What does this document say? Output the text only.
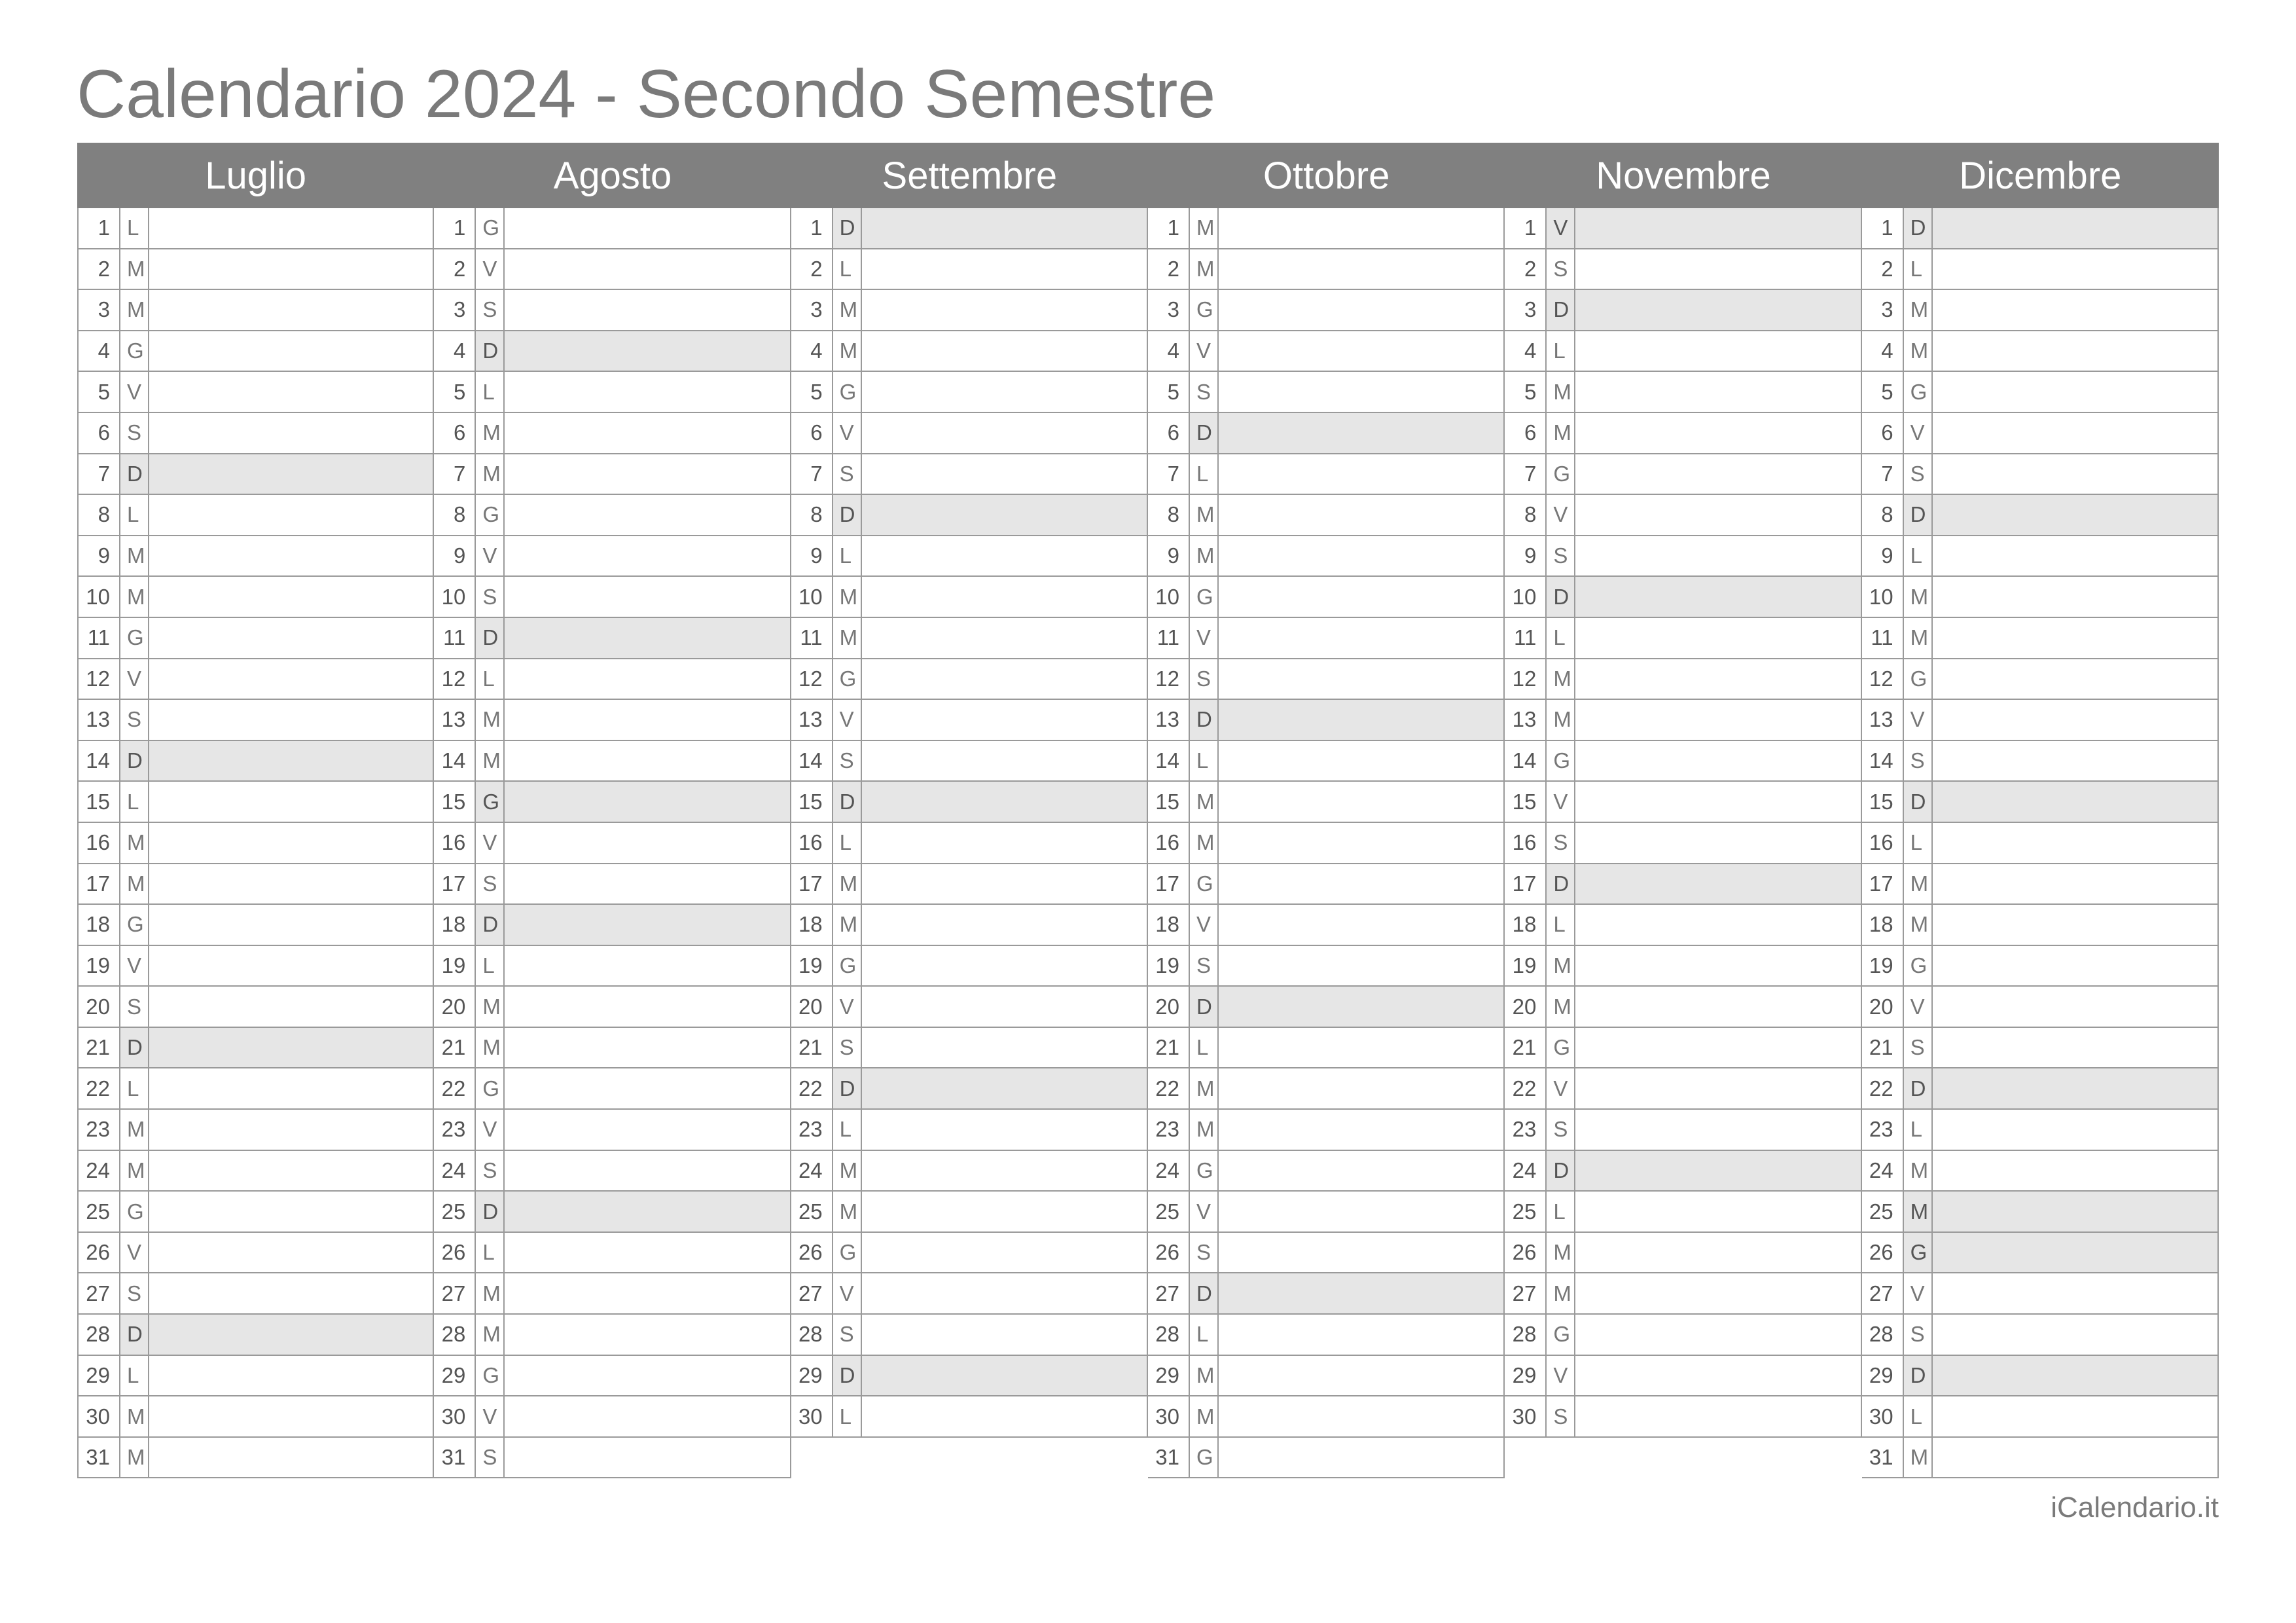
Calendario 2024 - Secondo Semestre
Luglio
1 L
2 M
3 M
4 G
5 V
6 S
7 D
8 L
9 M
10 M
11 G
12 V
13 S
14 D
15 L
16 M
17 M
18 G
19 V
20 S
21 D
22 L
23 M
24 M
25 G
26 V
27 S
28 D
29 L
30 M
31 M
Agosto
1 G
2 V
3 S
4 D
5 L
6 M
7 M
8 G
9 V
10 S
11 D
12 L
13 M
14 M
15 G
16 V
17 S
18 D
19 L
20 M
21 M
22 G
23 V
24 S
25 D
26 L
27 M
28 M
29 G
30 V
31 S
Settembre
1 D
2 L
3 M
4 M
5 G
6 V
7 S
8 D
9 L
10 M
11 M
12 G
13 V
14 S
15 D
16 L
17 M
18 M
19 G
20 V
21 S
22 D
23 L
24 M
25 M
26 G
27 V
28 S
29 D
30 L
Ottobre
1 M
2 M
3 G
4 V
5 S
6 D
7 L
8 M
9 M
10 G
11 V
12 S
13 D
14 L
15 M
16 M
17 G
18 V
19 S
20 D
21 L
22 M
23 M
24 G
25 V
26 S
27 D
28 L
29 M
30 M
31 G
Novembre
1 V
2 S
3 D
4 L
5 M
6 M
7 G
8 V
9 S
10 D
11 L
12 M
13 M
14 G
15 V
16 S
17 D
18 L
19 M
20 M
21 G
22 V
23 S
24 D
25 L
26 M
27 M
28 G
29 V
30 S
Dicembre
1 D
2 L
3 M
4 M
5 G
6 V
7 S
8 D
9 L
10 M
11 M
12 G
13 V
14 S
15 D
16 L
17 M
18 M
19 G
20 V
21 S
22 D
23 L
24 M
25 M
26 G
27 V
28 S
29 D
30 L
31 M
iCalendario.it
